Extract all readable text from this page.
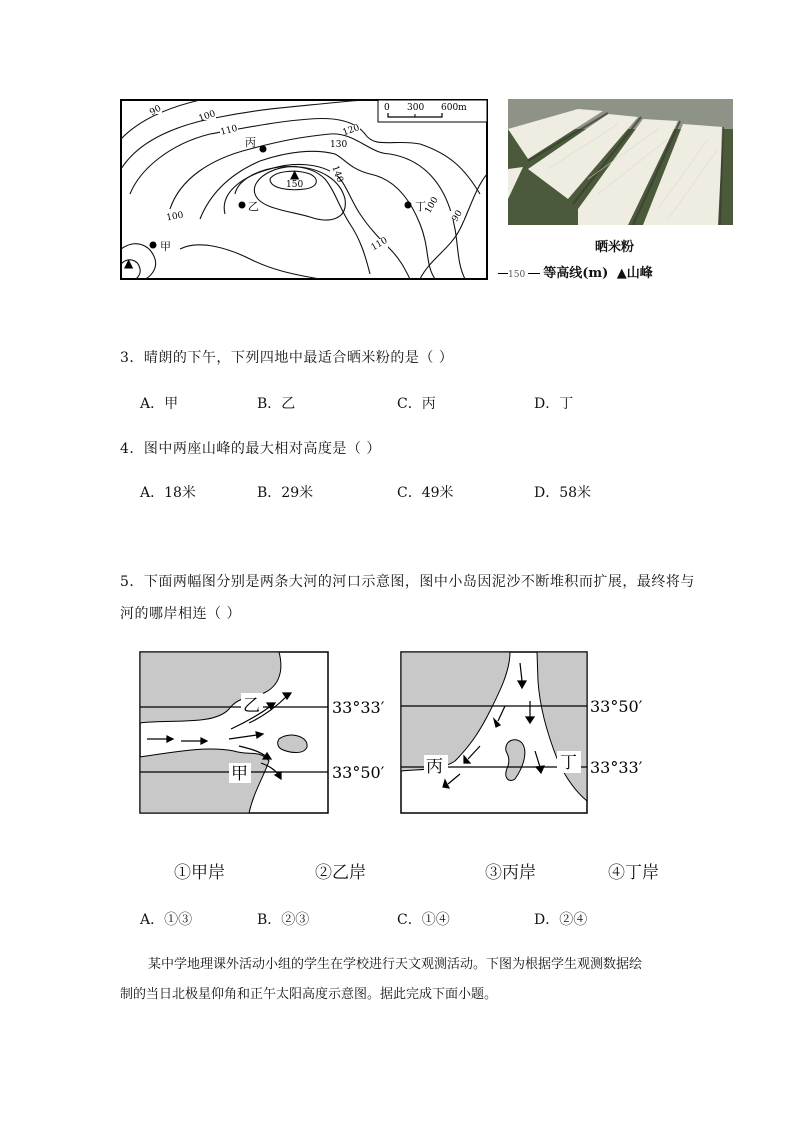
0 300 600m
90	100
110	120
130
140
150
100
110
100
90
▲
▲
丙
乙
甲
丁
晒米粉
150 等高线(m) ▲山峰
3．晴朗的下午，下列四地中最适合晒米粉的是（ ）
A．甲	B．乙	C．丙	D．丁
4．图中两座山峰的最大相对高度是（ ）
A．18米	B．29米	C．49米	D．58米
5．下面两幅图分别是两条大河的河口示意图，图中小岛因泥沙不断堆积而扩展，最终将与
河的哪岸相连（ ）
乙
甲
33°33′
33°50′ 丙	丁
33°50′
33°33′
①甲岸	②乙岸	③丙岸	④丁岸
A．①③	B．②③	C．①④	D．②④
某中学地理课外活动小组的学生在学校进行天文观测活动。下图为根据学生观测数据绘
制的当日北极星仰角和正午太阳高度示意图。据此完成下面小题。
